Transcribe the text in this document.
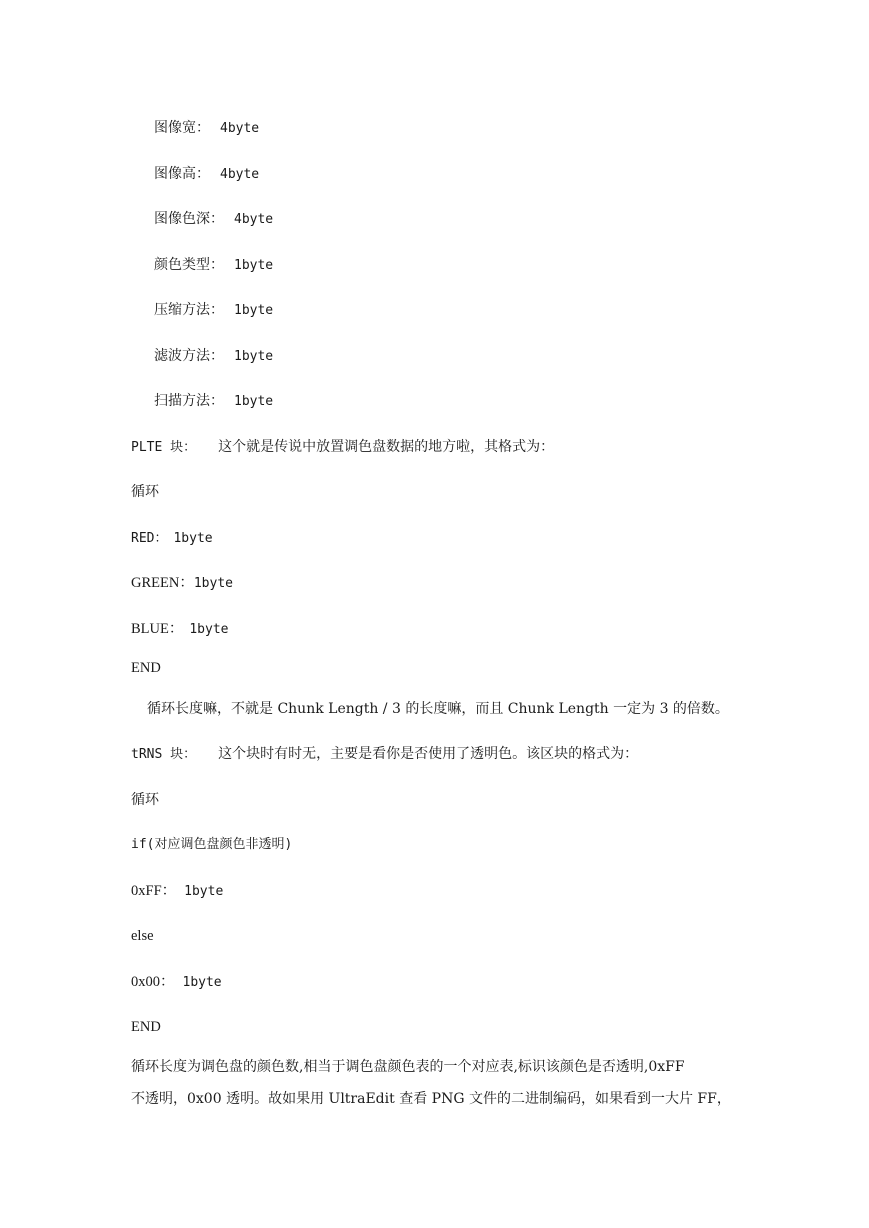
图像宽： 4byte
图像高： 4byte
图像色深： 4byte
颜色类型： 1byte
压缩方法： 1byte
滤波方法： 1byte
扫描方法： 1byte
PLTE 块： 这个就是传说中放置调色盘数据的地方啦，其格式为：
循环
RED： 1byte
GREEN：1byte
BLUE： 1byte
END
循环长度嘛，不就是 Chunk Length / 3 的长度嘛，而且 Chunk Length 一定为 3 的倍数。
tRNS 块： 这个块时有时无，主要是看你是否使用了透明色。该区块的格式为：
循环
if(对应调色盘颜色非透明)
0xFF： 1byte
else
0x00： 1byte
END
循环长度为调色盘的颜色数,相当于调色盘颜色表的一个对应表,标识该颜色是否透明,0xFF
不透明，0x00 透明。故如果用 UltraEdit 查看 PNG 文件的二进制编码，如果看到一大片 FF，
